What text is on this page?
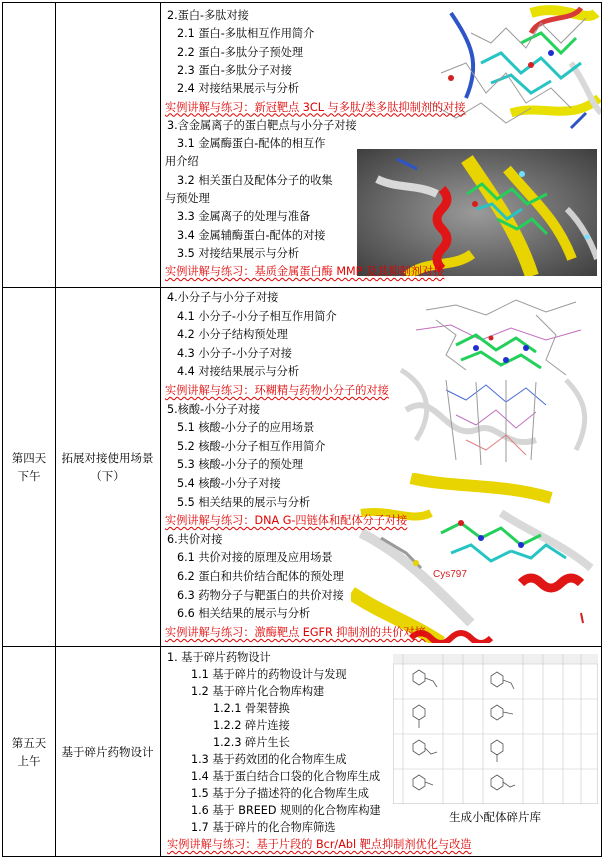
2.蛋白-多肽对接
2.1 蛋白-多肽相互作用简介
2.2 蛋白-多肽分子预处理
2.3 蛋白-多肽分子对接
2.4 对接结果展示与分析
实例讲解与练习：新冠靶点 3CL 与多肽/类多肽抑制剂的对接
3.含金属离子的蛋白靶点与小分子对接
3.1 金属酶蛋白-配体的相互作
用介绍
3.2 相关蛋白及配体分子的收集
与预处理
3.3 金属离子的处理与准备
3.4 金属辅酶蛋白-配体的对接
3.5 对接结果展示与分析
实例讲解与练习：基质金属蛋白酶 MMP 及其抑制剂对接
第四天
下午
拓展对接使用场景
（下）
Cys797
4.小分子与小分子对接
4.1 小分子-小分子相互作用简介
4.2 小分子结构预处理
4.3 小分子-小分子对接
4.4 对接结果展示与分析
实例讲解与练习：环糊精与药物小分子的对接
5.核酸-小分子对接
5.1 核酸-小分子的应用场景
5.2 核酸-小分子相互作用简介
5.3 核酸-小分子的预处理
5.4 核酸-小分子对接
5.5 相关结果的展示与分析
实例讲解与练习：DNA G-四链体和配体分子对接
6.共价对接
6.1 共价对接的原理及应用场景
6.2 蛋白和共价结合配体的预处理
6.3 药物分子与靶蛋白的共价对接
6.6 相关结果的展示与分析
实例讲解与练习：激酶靶点 EGFR 抑制剂的共价对接
第五天
上午
基于碎片药物设计
生成小配体碎片库
1. 基于碎片药物设计
1.1 基于碎片的药物设计与发现
1.2 基于碎片化合物库构建
1.2.1 骨架替换
1.2.2 碎片连接
1.2.3 碎片生长
1.3 基于药效团的化合物库生成
1.4 基于蛋白结合口袋的化合物库生成
1.5 基于分子描述符的化合物库生成
1.6 基于 BREED 规则的化合物库构建
1.7 基于碎片的化合物库筛选
实例讲解与练习：基于片段的 Bcr/Abl 靶点抑制剂优化与改造
